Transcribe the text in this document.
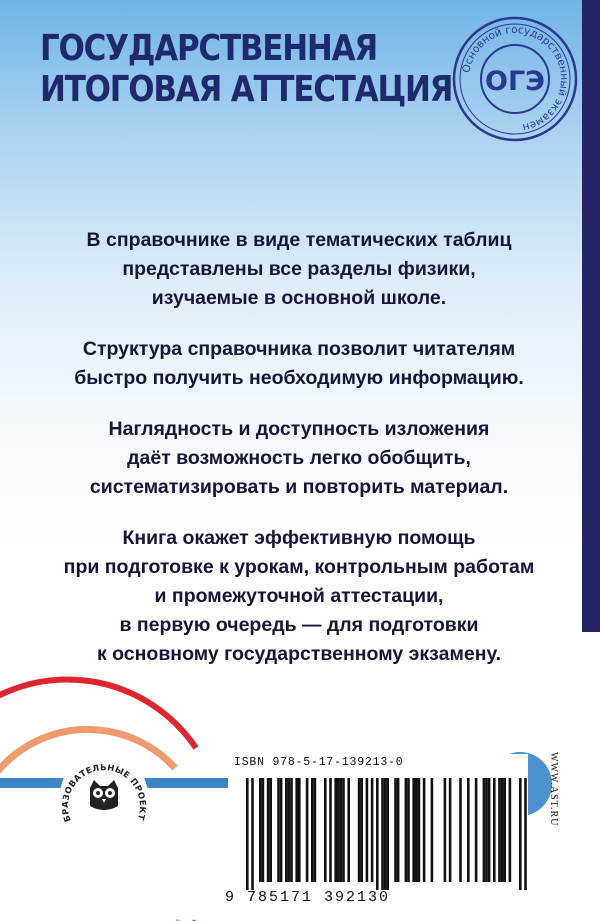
ГОСУДАРСТВЕННАЯ
ИТОГОВАЯ АТТЕСТАЦИЯ
Основной государственный экзамен
ОГЭ

В справочнике в виде тематических таблиц
представлены все разделы физики,
изучаемые в основной школе.

Структура справочника позволит читателям
быстро получить необходимую информацию.

Наглядность и доступность изложения
даёт возможность легко обобщить,
систематизировать и повторить материал.

Книга окажет эффективную помощь
при подготовке к урокам, контрольным работам
и промежуточной аттестации,
в первую очередь — для подготовки
к основному государственному экзамену.

БРАЗОВАТЕЛЬНЫЕ ПРОЕКТ
ISBN 978-5-17-139213-0
9 785171 392130
WWW.AST.RU
